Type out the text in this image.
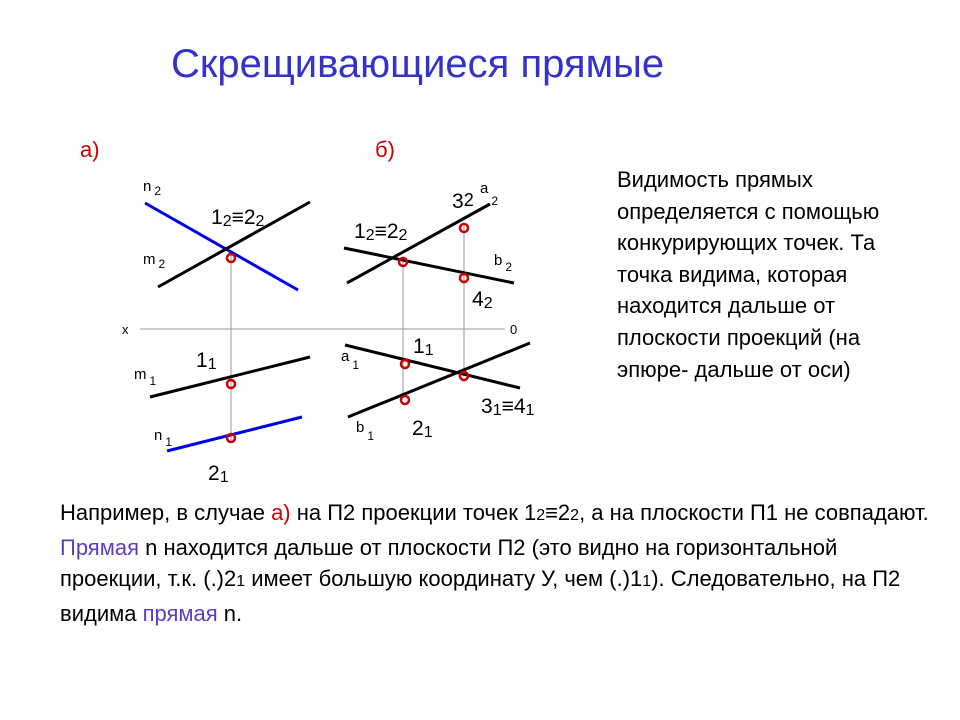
Скрещивающиеся прямые
а)	б)
x	0
n $_2$
m $_2$
m $_1$
n $_1$
12≡22
11
21
$a_2$
b $_2$
a $_1$
b $_1$
32
12≡22
42
11
21
31≡41
Видимость прямых определяется с помощью конкурирующих точек. Та точка видима, которая находится дальше от плоскости проекций (на эпюре- дальше от оси)
Например, в случае а) на П2 проекции точек 12≡22, а на плоскости П1 не совпадают. Прямая n находится дальше от плоскости П2 (это видно на горизонтальной проекции, т.к. (.)21 имеет большую координату У, чем (.)11). Следовательно, на П2 видима прямая n.
